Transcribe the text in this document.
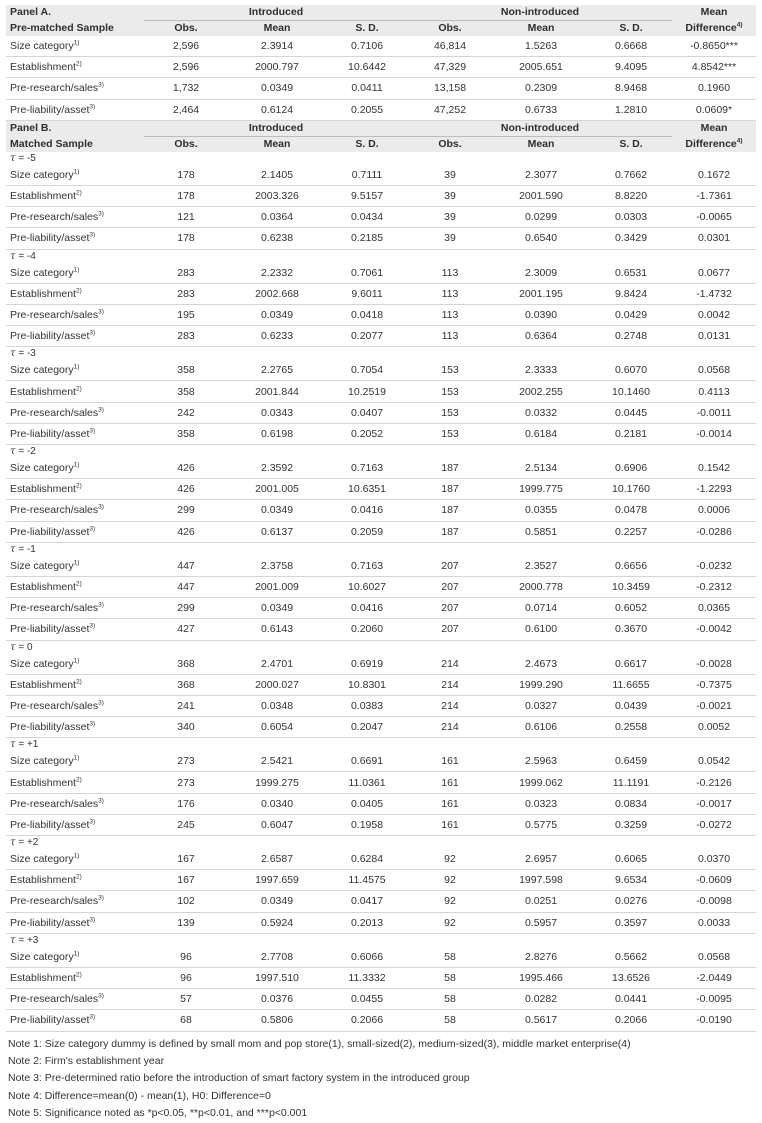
Panel A.	Introduced			Non-introduced			Mean
Pre-matched Sample	Obs.	Mean	S. D.	Obs.	Mean	S. D.	Difference$^{4)}$
Size category$^{1)}$	2,596	2.3914	0.7106	46,814	1.5263	0.6668	-0.8650***
Establishment$^{2)}$	2,596	2000.797	10.6442	47,329	2005.651	9.4095	4.8542***
Pre-research/sales$^{3)}$	1,732	0.0349	0.0411	13,158	0.2309	8.9468	0.1960
Pre-liability/asset$^{3)}$	2,464	0.6124	0.2055	47,252	0.6733	1.2810	0.0609*
Panel B.	Introduced			Non-introduced			Mean
Matched Sample	Obs.	Mean	S. D.	Obs.	Mean	S. D.	Difference$^{4)}$
τ = -5							
Size category$^{1)}$	178	2.1405	0.7111	39	2.3077	0.7662	0.1672
Establishment$^{2)}$	178	2003.326	9.5157	39	2001.590	8.8220	-1.7361
Pre-research/sales$^{3)}$	121	0.0364	0.0434	39	0.0299	0.0303	-0.0065
Pre-liability/asset$^{3)}$	178	0.6238	0.2185	39	0.6540	0.3429	0.0301
τ = -4							
Size category$^{1)}$	283	2.2332	0.7061	113	2.3009	0.6531	0.0677
Establishment$^{2)}$	283	2002.668	9.6011	113	2001.195	9.8424	-1.4732
Pre-research/sales$^{3)}$	195	0.0349	0.0418	113	0.0390	0.0429	0.0042
Pre-liability/asset$^{3)}$	283	0.6233	0.2077	113	0.6364	0.2748	0.0131
τ = -3							
Size category$^{1)}$	358	2.2765	0.7054	153	2.3333	0.6070	0.0568
Establishment$^{2)}$	358	2001.844	10.2519	153	2002.255	10.1460	0.4113
Pre-research/sales$^{3)}$	242	0.0343	0.0407	153	0.0332	0.0445	-0.0011
Pre-liability/asset$^{3)}$	358	0.6198	0.2052	153	0.6184	0.2181	-0.0014
τ = -2							
Size category$^{1)}$	426	2.3592	0.7163	187	2.5134	0.6906	0.1542
Establishment$^{2)}$	426	2001.005	10.6351	187	1999.775	10.1760	-1.2293
Pre-research/sales$^{3)}$	299	0.0349	0.0416	187	0.0355	0.0478	0.0006
Pre-liability/asset$^{3)}$	426	0.6137	0.2059	187	0.5851	0.2257	-0.0286
τ = -1							
Size category$^{1)}$	447	2.3758	0.7163	207	2.3527	0.6656	-0.0232
Establishment$^{2)}$	447	2001.009	10.6027	207	2000.778	10.3459	-0.2312
Pre-research/sales$^{3)}$	299	0.0349	0.0416	207	0.0714	0.6052	0.0365
Pre-liability/asset$^{3)}$	427	0.6143	0.2060	207	0.6100	0.3670	-0.0042
τ = 0							
Size category$^{1)}$	368	2.4701	0.6919	214	2.4673	0.6617	-0.0028
Establishment$^{2)}$	368	2000.027	10.8301	214	1999.290	11.6655	-0.7375
Pre-research/sales$^{3)}$	241	0.0348	0.0383	214	0.0327	0.0439	-0.0021
Pre-liability/asset$^{3)}$	340	0.6054	0.2047	214	0.6106	0.2558	0.0052
τ = +1							
Size category$^{1)}$	273	2.5421	0.6691	161	2.5963	0.6459	0.0542
Establishment$^{2)}$	273	1999.275	11.0361	161	1999.062	11.1191	-0.2126
Pre-research/sales$^{3)}$	176	0.0340	0.0405	161	0.0323	0.0834	-0.0017
Pre-liability/asset$^{3)}$	245	0.6047	0.1958	161	0.5775	0.3259	-0.0272
τ = +2							
Size category$^{1)}$	167	2.6587	0.6284	92	2.6957	0.6065	0.0370
Establishment$^{2)}$	167	1997.659	11.4575	92	1997.598	9.6534	-0.0609
Pre-research/sales$^{3)}$	102	0.0349	0.0417	92	0.0251	0.0276	-0.0098
Pre-liability/asset$^{3)}$	139	0.5924	0.2013	92	0.5957	0.3597	0.0033
τ = +3							
Size category$^{1)}$	96	2.7708	0.6066	58	2.8276	0.5662	0.0568
Establishment$^{2)}$	96	1997.510	11.3332	58	1995.466	13.6526	-2.0449
Pre-research/sales$^{3)}$	57	0.0376	0.0455	58	0.0282	0.0441	-0.0095
Pre-liability/asset$^{3)}$	68	0.5806	0.2066	58	0.5617	0.2066	-0.0190
Note 1: Size category dummy is defined by small mom and pop store(1), small-sized(2), medium-sized(3), middle market enterprise(4)
Note 2: Firm's establishment year
Note 3: Pre-determined ratio before the introduction of smart factory system in the introduced group
Note 4: Difference=mean(0) - mean(1), H0: Difference=0
Note 5: Significance noted as *p<0.05, **p<0.01, and ***p<0.001
